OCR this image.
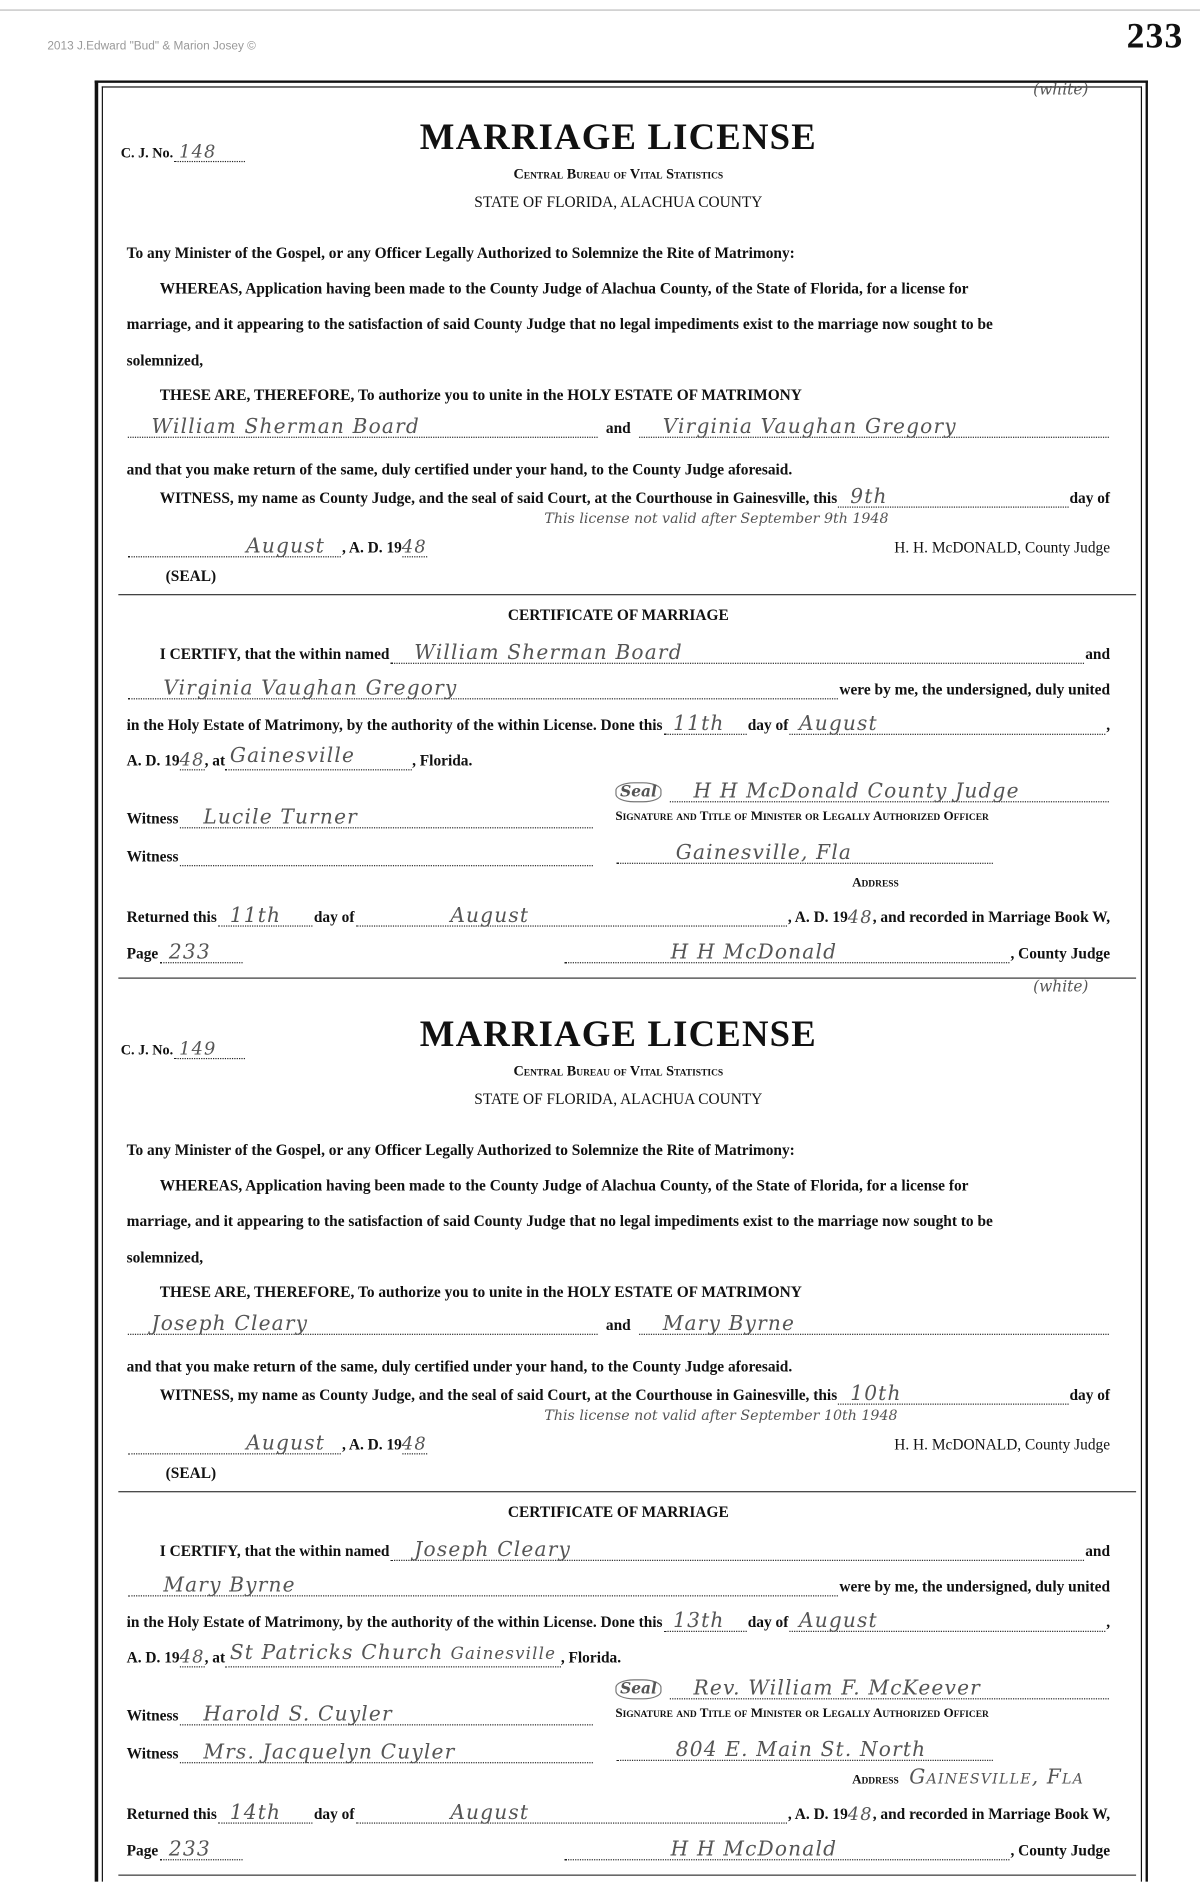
233
(white)
C. J. No. 148	MARRIAGE LICENSE
Central Bureau of Vital Statistics
STATE OF FLORIDA, ALACHUA COUNTY
To any Minister of the Gospel, or any Officer Legally Authorized to Solemnize the Rite of Matrimony:
WHEREAS, Application having been made to the County Judge of Alachua County, of the State of Florida, for a license for
marriage, and it appearing to the satisfaction of said County Judge that no legal impediments exist to the marriage now sought to be
solemnized,
THESE ARE, THEREFORE, To authorize you to unite in the HOLY ESTATE OF MATRIMONY
William Sherman Board	and Virginia Vaughan Gregory
and that you make return of the same, duly certified under your hand, to the County Judge aforesaid.
WITNESS, my name as County Judge, and the seal of said Court, at the Courthouse in Gainesville, this 9th	day of
This license not valid after September 9th 1948
August , A. D. 19 48	H. H. McDONALD, County Judge
(SEAL)
CERTIFICATE OF MARRIAGE
I CERTIFY, that the within named William Sherman Board	and
Virginia Vaughan Gregory	were by me, the undersigned, duly united
in the Holy Estate of Matrimony, by the authority of the within License. Done this 11th day of August	,
A. D. 19 48 , at Gainesville	, Florida.
Seal H H McDonald County Judge
Signature and Title of Minister or Legally Authorized Officer
Witness Lucile Turner
Witness	Gainesville, Fla
Address
Returned this 11th	day of	August	, A. D. 19 48 , and recorded in Marriage Book W,
Page 233	H H McDonald	, County Judge
(white)
C. J. No. 149	MARRIAGE LICENSE
Central Bureau of Vital Statistics
STATE OF FLORIDA, ALACHUA COUNTY
To any Minister of the Gospel, or any Officer Legally Authorized to Solemnize the Rite of Matrimony:
WHEREAS, Application having been made to the County Judge of Alachua County, of the State of Florida, for a license for
marriage, and it appearing to the satisfaction of said County Judge that no legal impediments exist to the marriage now sought to be
solemnized,
THESE ARE, THEREFORE, To authorize you to unite in the HOLY ESTATE OF MATRIMONY
Joseph Cleary	and Mary Byrne
and that you make return of the same, duly certified under your hand, to the County Judge aforesaid.
WITNESS, my name as County Judge, and the seal of said Court, at the Courthouse in Gainesville, this 10th	day of
This license not valid after September 10th 1948
August , A. D. 19 48	H. H. McDONALD, County Judge
(SEAL)
CERTIFICATE OF MARRIAGE
I CERTIFY, that the within named Joseph Cleary	and
Mary Byrne	were by me, the undersigned, duly united
in the Holy Estate of Matrimony, by the authority of the within License. Done this 13th day of August	,
A. D. 19 48 , at St Patricks Church Gainesville , Florida.
Seal Rev. William F. McKeever
Signature and Title of Minister or Legally Authorized Officer
Witness Harold S. Cuyler
Witness Mrs. Jacquelyn Cuyler	804 E. Main St. North
Address Gainesville, Fla
Returned this 14th	day of	August	, A. D. 19 48 , and recorded in Marriage Book W,
Page 233	H H McDonald	, County Judge
2013 J.Edward "Bud" & Marion Josey ©
